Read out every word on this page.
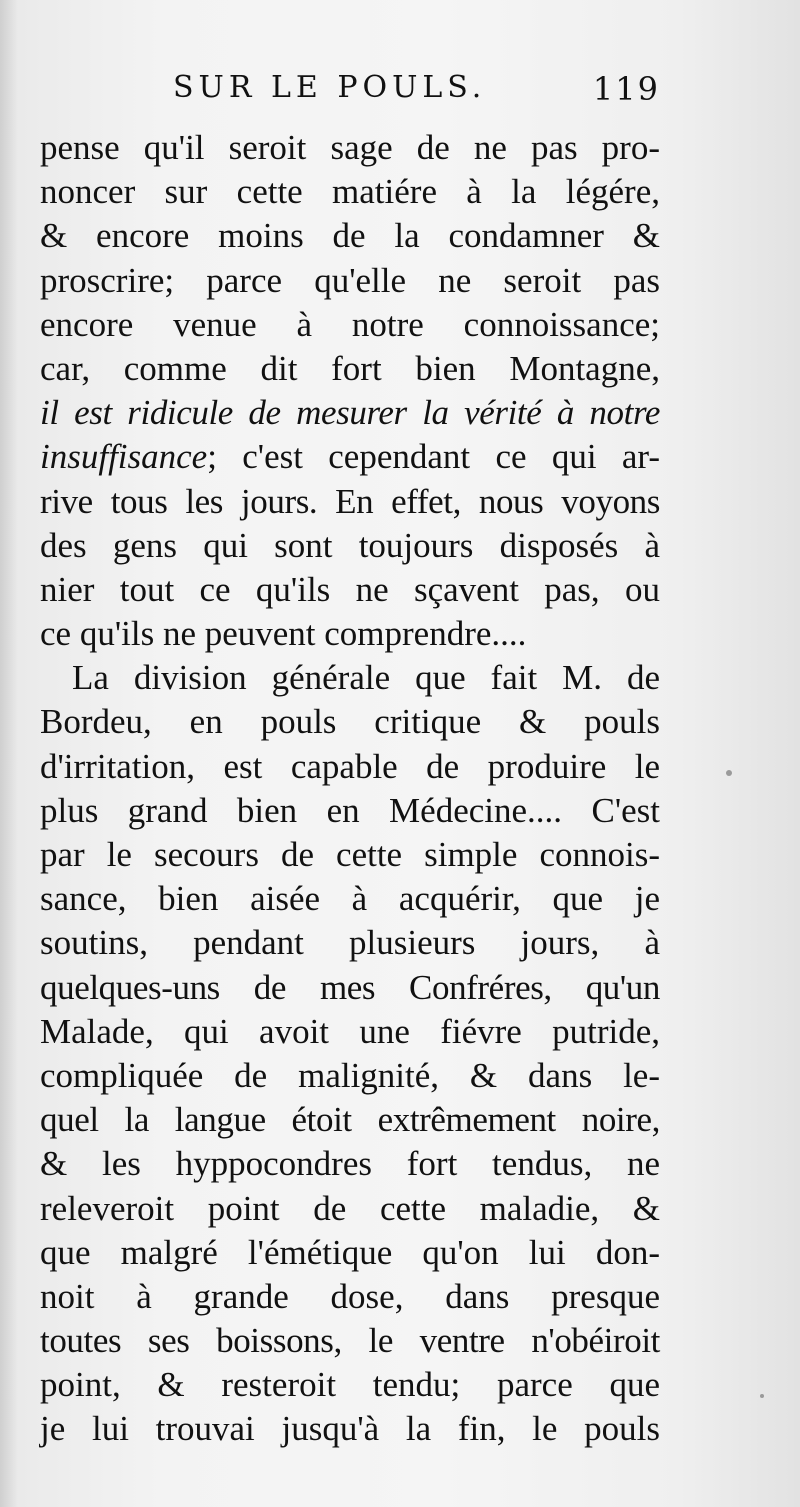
SUR LE POULS.	119
pense qu'il seroit sage de ne pas pro-
noncer sur cette matiére à la légére,
& encore moins de la condamner &
proscrire; parce qu'elle ne seroit pas
encore venue à notre connoissance;
car, comme dit fort bien Montagne,
il est ridicule de mesurer la vérité à notre
insuffisance; c'est cependant ce qui ar-
rive tous les jours. En effet, nous voyons
des gens qui sont toujours disposés à
nier tout ce qu'ils ne sçavent pas, ou
ce qu'ils ne peuvent comprendre....
La division générale que fait M. de
Bordeu, en pouls critique & pouls
d'irritation, est capable de produire le
plus grand bien en Médecine.... C'est
par le secours de cette simple connois-
sance, bien aisée à acquérir, que je
soutins, pendant plusieurs jours, à
quelques-uns de mes Confréres, qu'un
Malade, qui avoit une fiévre putride,
compliquée de malignité, & dans le-
quel la langue étoit extrêmement noire,
& les hyppocondres fort tendus, ne
releveroit point de cette maladie, &
que malgré l'émétique qu'on lui don-
noit à grande dose, dans presque
toutes ses boissons, le ventre n'obéiroit
point, & resteroit tendu; parce que
je lui trouvai jusqu'à la fin, le pouls
